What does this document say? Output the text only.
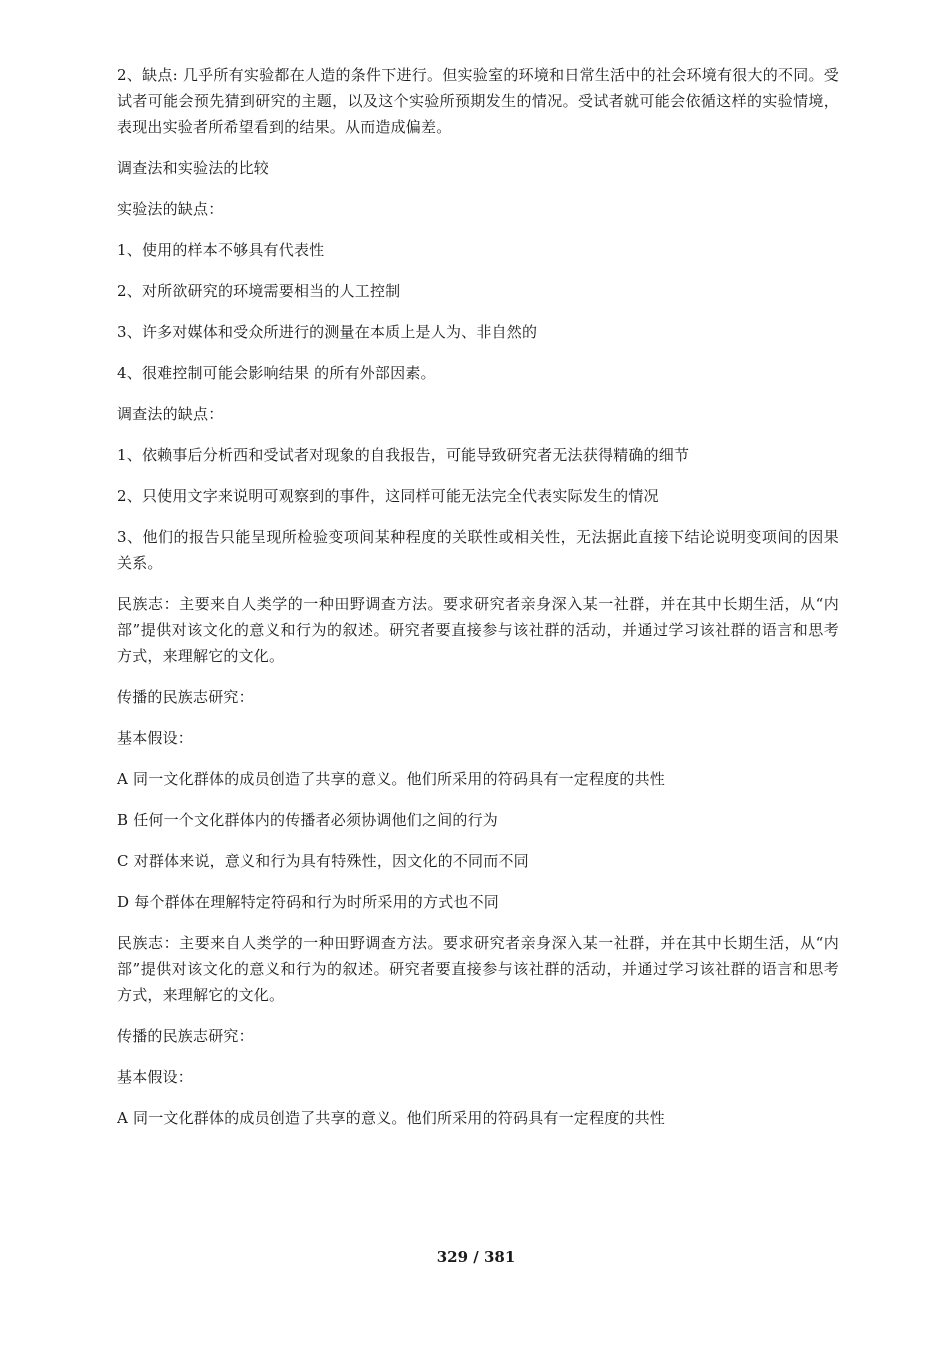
2、缺点: 几乎所有实验都在人造的条件下进行。但实验室的环境和日常生活中的社会环境有很大的不同。受试者可能会预先猜到研究的主题，以及这个实验所预期发生的情况。受试者就可能会依循这样的实验情境，表现出实验者所希望看到的结果。从而造成偏差。

调查法和实验法的比较

实验法的缺点：

1、使用的样本不够具有代表性

2、对所欲研究的环境需要相当的人工控制

3、许多对媒体和受众所进行的测量在本质上是人为、非自然的

4、很难控制可能会影响结果 的所有外部因素。

调查法的缺点：

1、依赖事后分析西和受试者对现象的自我报告，可能导致研究者无法获得精确的细节

2、只使用文字来说明可观察到的事件，这同样可能无法完全代表实际发生的情况

3、他们的报告只能呈现所检验变项间某种程度的关联性或相关性，无法据此直接下结论说明变项间的因果关系。

民族志：主要来自人类学的一种田野调查方法。要求研究者亲身深入某一社群，并在其中长期生活，从“内部”提供对该文化的意义和行为的叙述。研究者要直接参与该社群的活动，并通过学习该社群的语言和思考方式，来理解它的文化。

传播的民族志研究：

基本假设：

A 同一文化群体的成员创造了共享的意义。他们所采用的符码具有一定程度的共性

B 任何一个文化群体内的传播者必须协调他们之间的行为

C 对群体来说，意义和行为具有特殊性，因文化的不同而不同

D 每个群体在理解特定符码和行为时所采用的方式也不同

民族志：主要来自人类学的一种田野调查方法。要求研究者亲身深入某一社群，并在其中长期生活，从“内部”提供对该文化的意义和行为的叙述。研究者要直接参与该社群的活动，并通过学习该社群的语言和思考方式，来理解它的文化。

传播的民族志研究：

基本假设：

A 同一文化群体的成员创造了共享的意义。他们所采用的符码具有一定程度的共性

329 / 381
